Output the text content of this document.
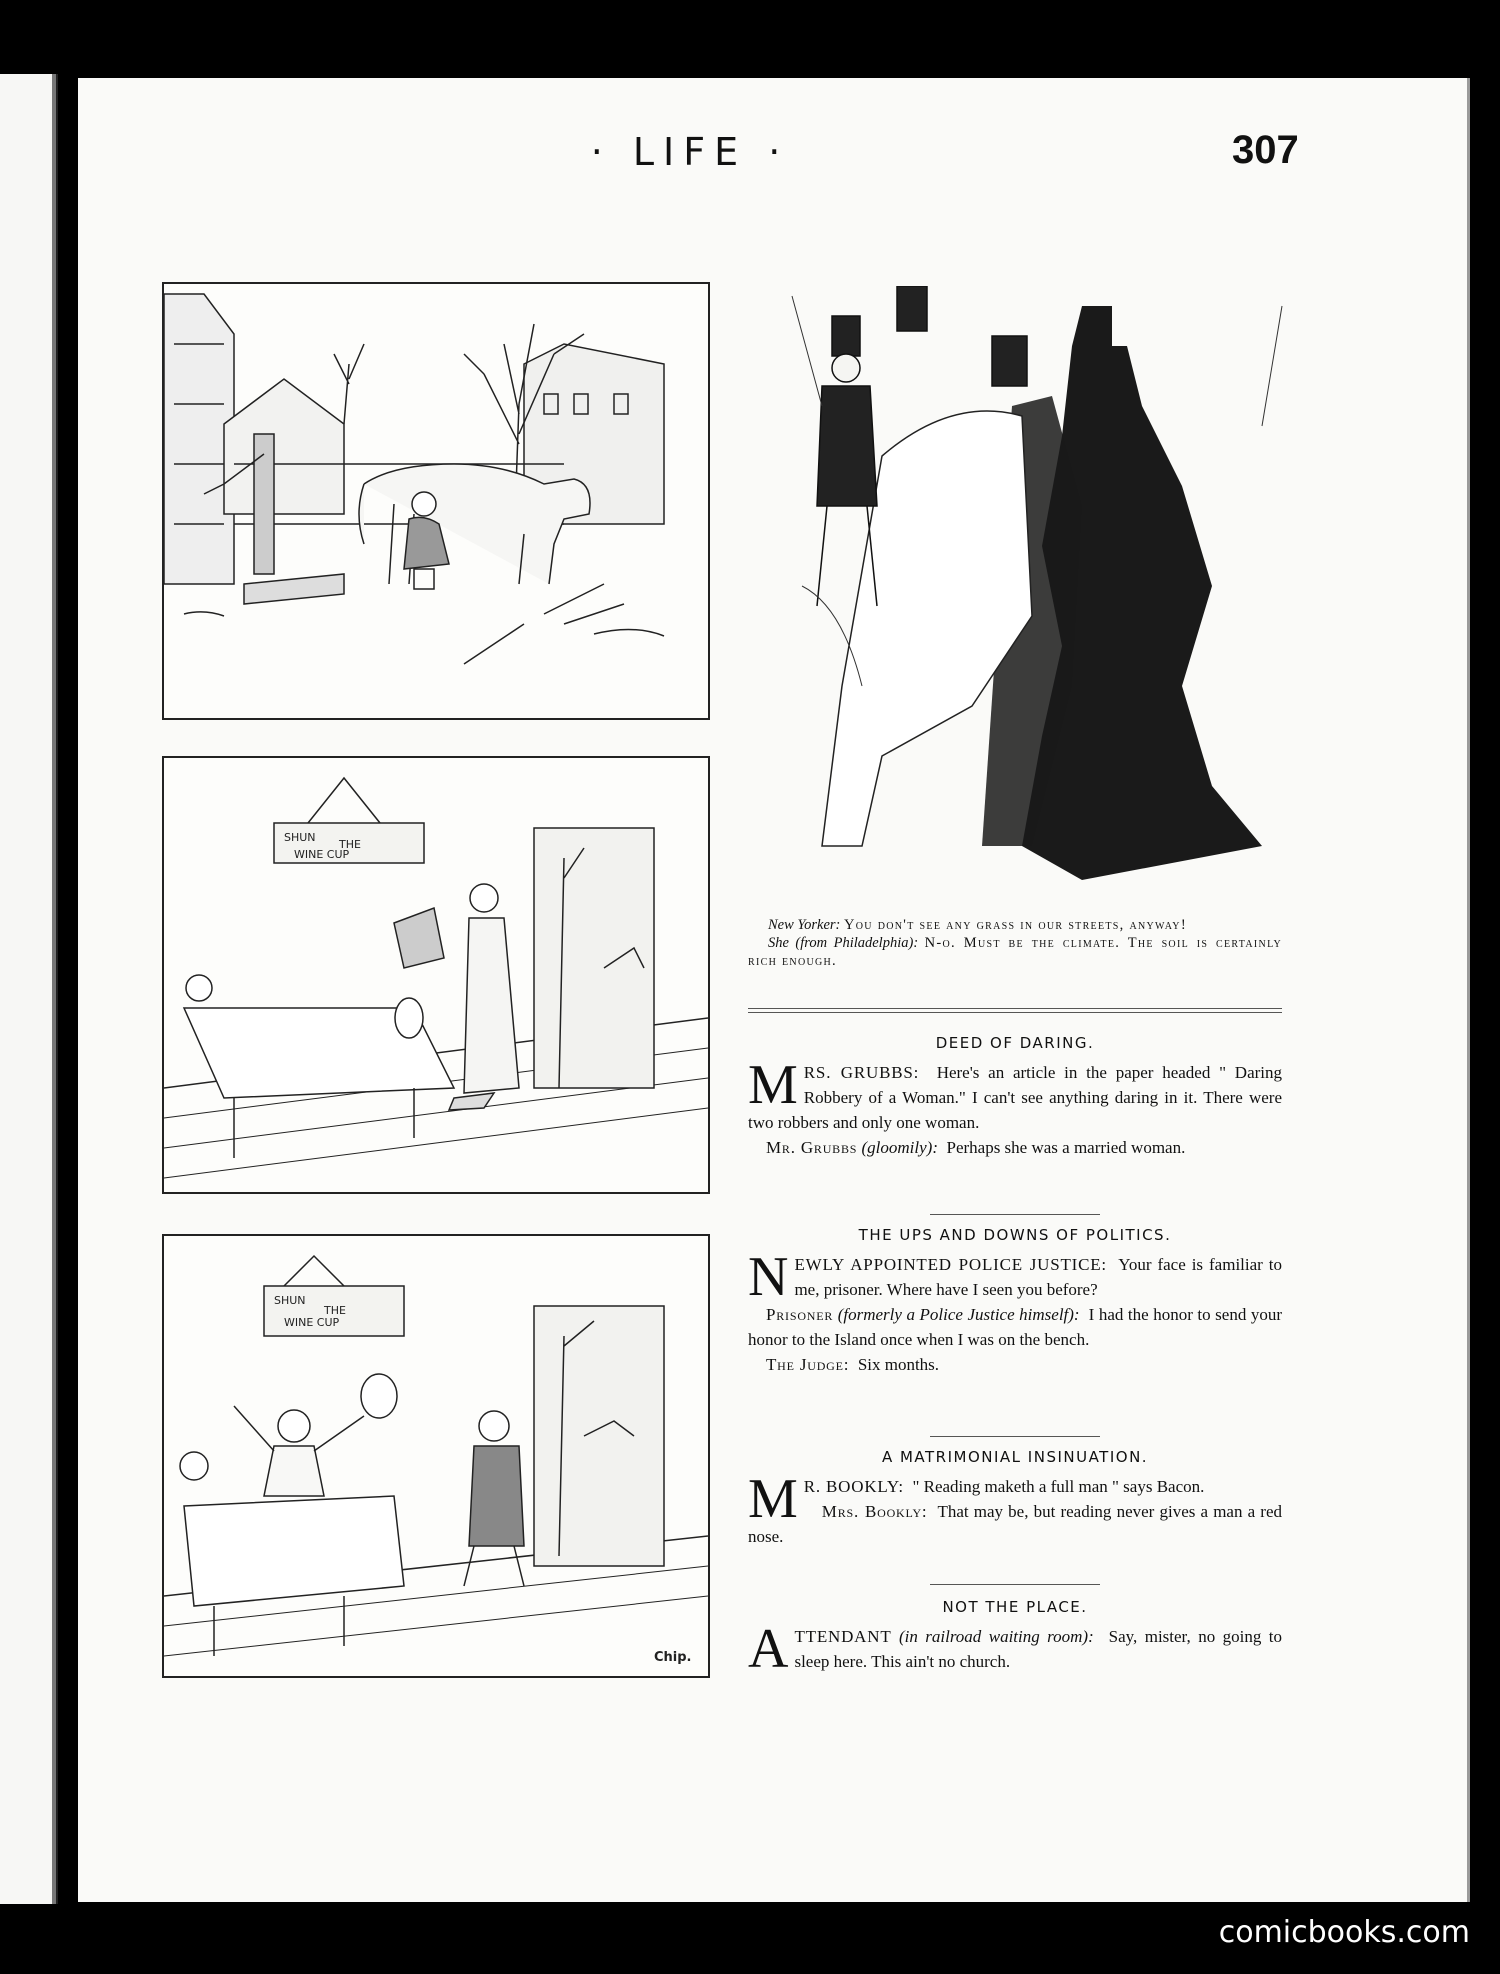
· LIFE ·	307
SHUN
THE
WINE CUP
SHUN
THE
WINE CUP
Chip.

New Yorker: You don't see any grass in our streets, anyway!

She (from Philadelphia): N-o. Must be the climate. The soil is certainly rich enough.

DEED OF DARING.

MRS. GRUBBS: Here's an article in the paper headed " Daring Robbery of a Woman." I can't see anything daring in it. There were two robbers and only one woman.

Mr. Grubbs (gloomily): Perhaps she was a married woman.

THE UPS AND DOWNS OF POLITICS.

NEWLY APPOINTED POLICE JUSTICE: Your face is familiar to me, prisoner. Where have I seen you before?

Prisoner (formerly a Police Justice himself): I had the honor to send your honor to the Island once when I was on the bench.

The Judge: Six months.

A MATRIMONIAL INSINUATION.

M R. BOOKLY: " Reading maketh a full man " says Bacon.

Mrs. Bookly: That may be, but reading never gives a man a red nose.

NOT THE PLACE.

ATTENDANT (in railroad waiting room): Say, mister, no going to sleep here. This ain't no church.

comicbooks.com
